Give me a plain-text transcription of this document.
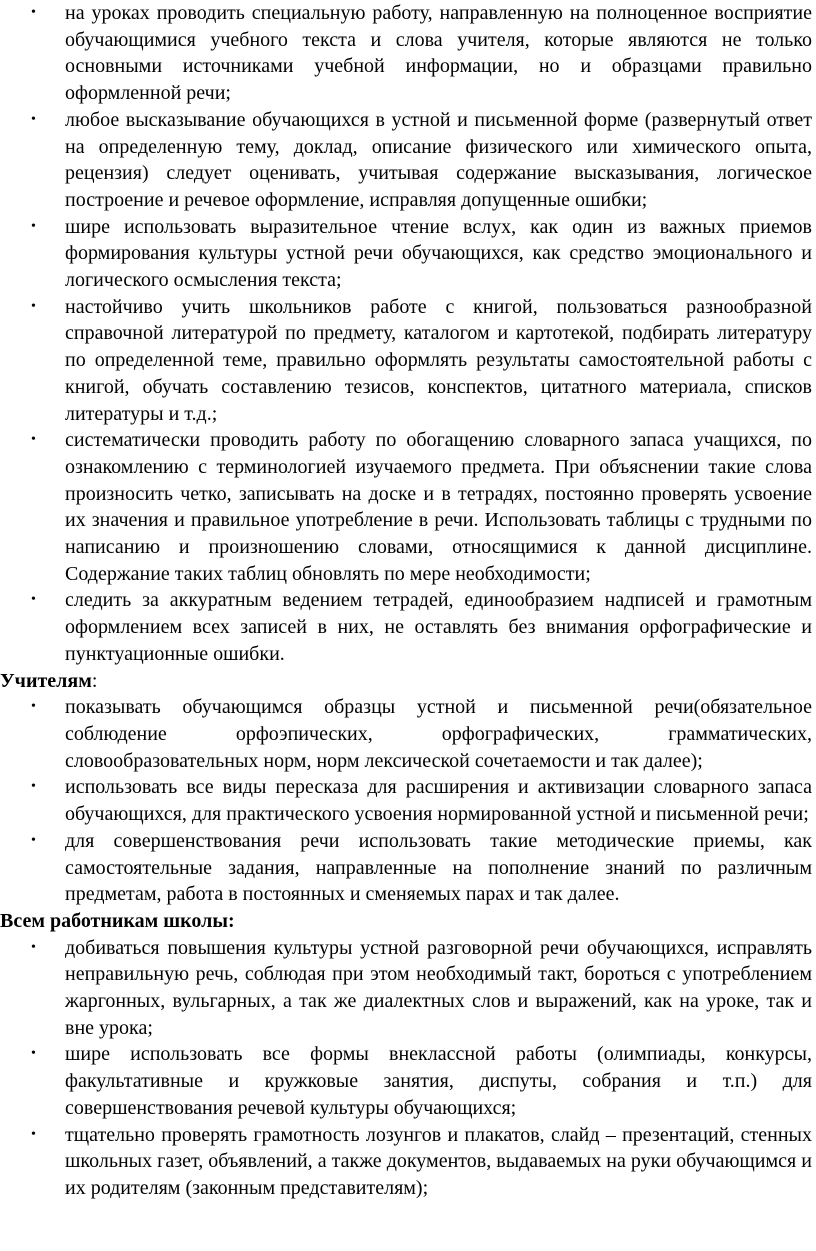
• на уроках проводить специальную работу, направленную на полноценное восприятие обучающимися учебного текста и слова учителя, которые являются не только основными источниками учебной информации, но и образцами правильно оформленной речи;
• любое высказывание обучающихся в устной и письменной форме (развернутый ответ на определенную тему, доклад, описание физического или химического опыта, рецензия) следует оценивать, учитывая содержание высказывания, логическое построение и речевое оформление, исправляя допущенные ошибки;
• шире использовать выразительное чтение вслух, как один из важных приемов формирования культуры устной речи обучающихся, как средство эмоционального и логического осмысления текста;
• настойчиво учить школьников работе с книгой, пользоваться разнообразной справочной литературой по предмету, каталогом и картотекой, подбирать литературу по определенной теме, правильно оформлять результаты самостоятельной работы с книгой, обучать составлению тезисов, конспектов, цитатного материала, списков литературы и т.д.;
• систематически проводить работу по обогащению словарного запаса учащихся, по ознакомлению с терминологией изучаемого предмета. При объяснении такие слова произносить четко, записывать на доске и в тетрадях, постоянно проверять усвоение их значения и правильное употребление в речи. Использовать таблицы с трудными по написанию и произношению словами, относящимися к данной дисциплине. Содержание таких таблиц обновлять по мере необходимости;
• следить за аккуратным ведением тетрадей, единообразием надписей и грамотным оформлением всех записей в них, не оставлять без внимания орфографические и пунктуационные ошибки.

Учителям:

• показывать обучающимся образцы устной и письменной речи(обязательное соблюдение орфоэпических, орфографических, грамматических, словообразовательных норм, норм лексической сочетаемости и так далее);
• использовать все виды пересказа для расширения и активизации словарного запаса обучающихся, для практического усвоения нормированной устной и письменной речи;
• для совершенствования речи использовать такие методические приемы, как самостоятельные задания, направленные на пополнение знаний по различным предметам, работа в постоянных и сменяемых парах и так далее.

Всем работникам школы:

• добиваться повышения культуры устной разговорной речи обучающихся, исправлять неправильную речь, соблюдая при этом необходимый такт, бороться с употреблением жаргонных, вульгарных, а так же диалектных слов и выражений, как на уроке, так и вне урока;
• шире использовать все формы внеклассной работы (олимпиады, конкурсы, факультативные и кружковые занятия, диспуты, собрания и т.п.) для совершенствования речевой культуры обучающихся;
• тщательно проверять грамотность лозунгов и плакатов, слайд – презентаций, стенных школьных газет, объявлений, а также документов, выдаваемых на руки обучающимся и их родителям (законным представителям);
